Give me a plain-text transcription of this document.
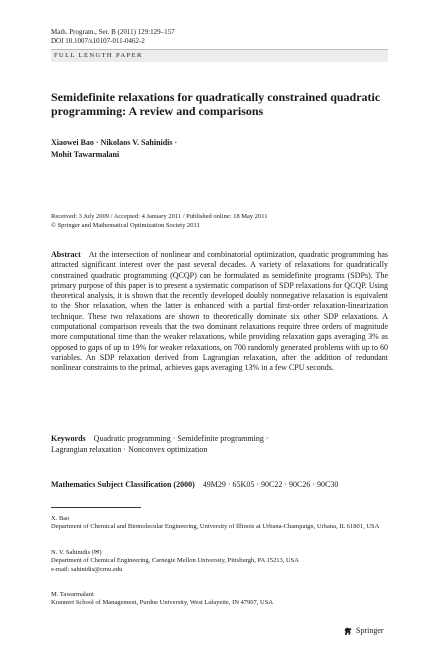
Math. Program., Ser. B (2011) 129:129–157
DOI 10.1007/s10107-011-0462-2
FULL LENGTH PAPER
Semidefinite relaxations for quadratically constrained quadratic programming: A review and comparisons
Xiaowei Bao · Nikolaos V. Sahinidis ·
Mohit Tawarmalani
Received: 3 July 2009 / Accepted: 4 January 2011 / Published online: 18 May 2011
© Springer and Mathematical Optimization Society 2011
Abstract At the intersection of nonlinear and combinatorial optimization, quadratic programming has attracted significant interest over the past several decades. A variety of relaxations for quadratically constrained quadratic programming (QCQP) can be formulated as semidefinite programs (SDPs). The primary purpose of this paper is to present a systematic comparison of SDP relaxations for QCQP. Using theoretical analysis, it is shown that the recently developed doubly nonnegative relaxation is equivalent to the Shor relaxation, when the latter is enhanced with a partial first-order relaxation-linearization technique. These two relaxations are shown to theoretically dominate six other SDP relaxations. A computational comparison reveals that the two dominant relaxations require three orders of magnitude more computational time than the weaker relaxations, while providing relaxation gaps averaging 3% as opposed to gaps of up to 19% for weaker relaxations, on 700 randomly generated problems with up to 60 variables. An SDP relaxation derived from Lagrangian relaxation, after the addition of redundant nonlinear constraints to the primal, achieves gaps averaging 13% in a few CPU seconds.
Keywords Quadratic programming · Semidefinite programming ·
Lagrangian relaxation · Nonconvex optimization
Mathematics Subject Classification (2000) 49M29 · 65K05 · 90C22 · 90C26 · 90C30
X. Bao
Department of Chemical and Biomolecular Engineering, University of Illinois at Urbana-Champaign, Urbana, IL 61801, USA
N. V. Sahinidis (✉)
Department of Chemical Engineering, Carnegie Mellon University, Pittsburgh, PA 15213, USA
e-mail: sahinidis@cmu.edu
M. Tawarmalani
Krannert School of Management, Purdue University, West Lafayette, IN 47907, USA
Springer
